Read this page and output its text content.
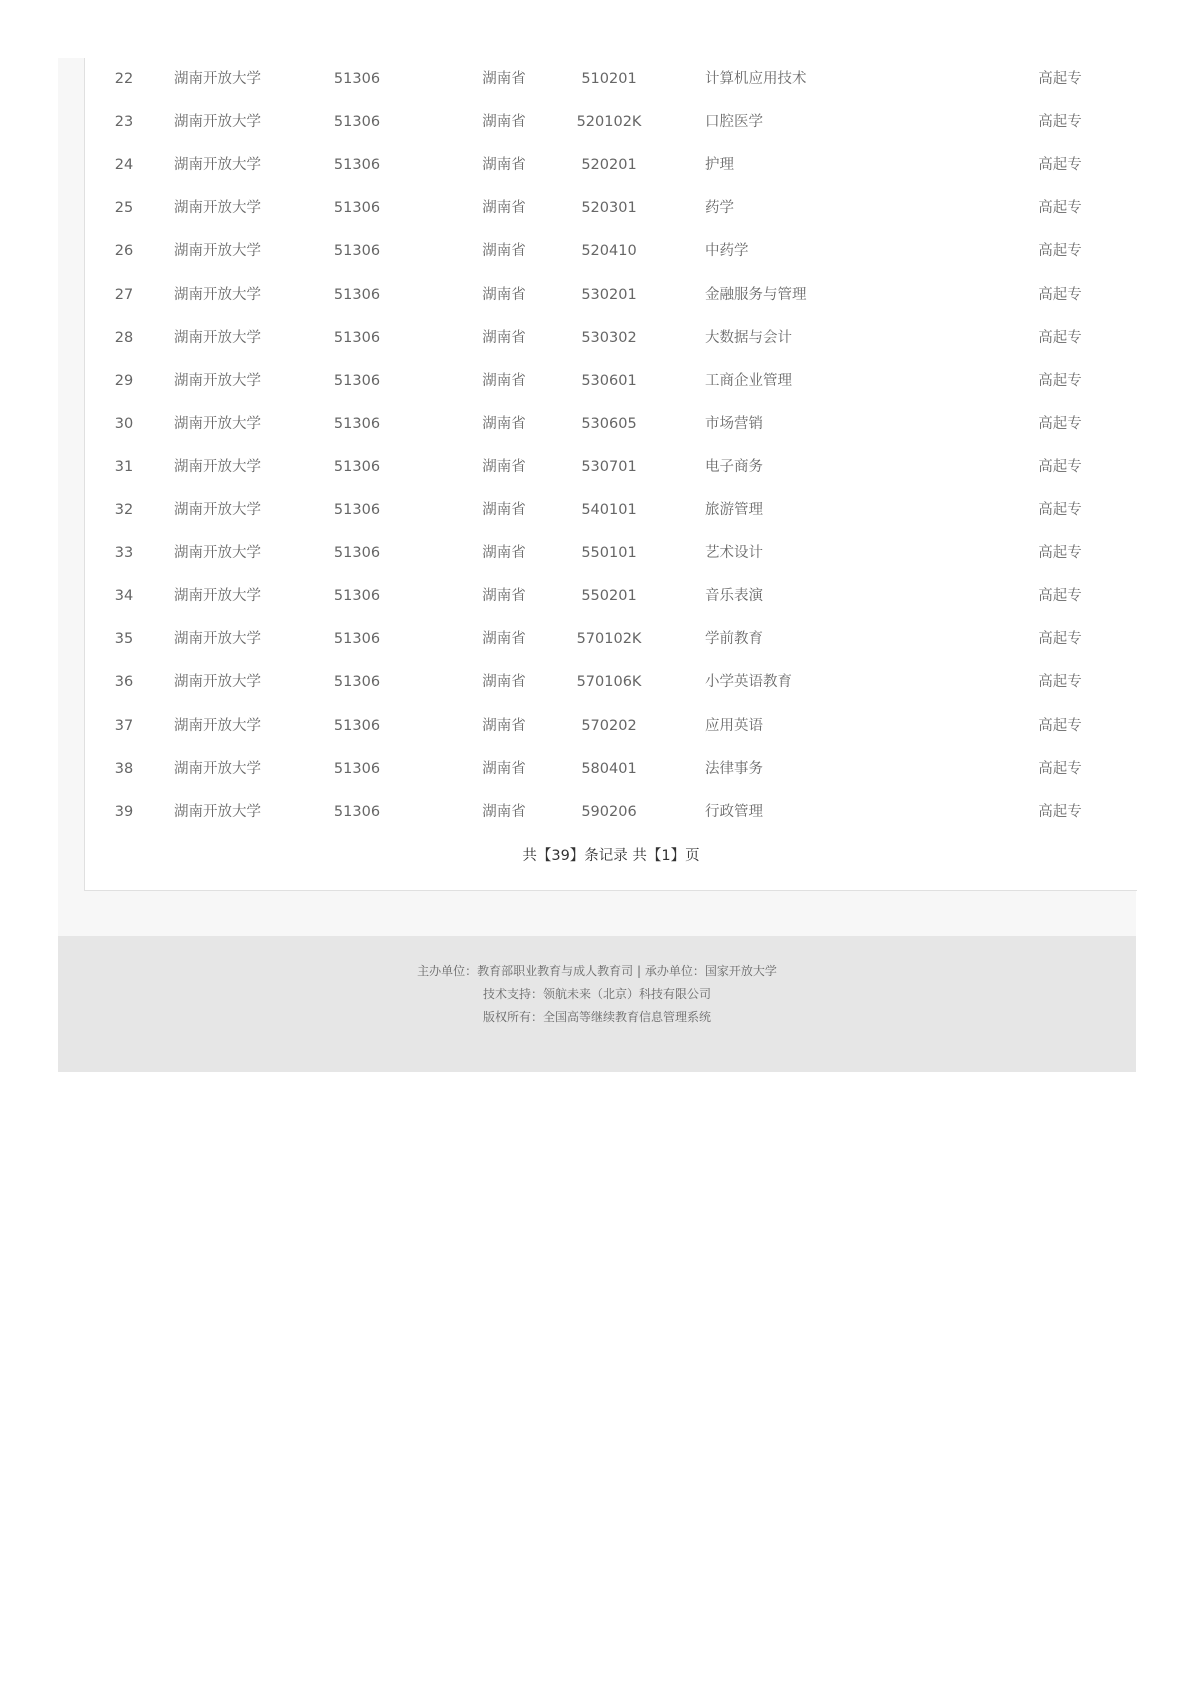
共【39】条记录 共【1】页
22	湖南开放大学	51306	湖南省	510201	计算机应用技术	高起专
23	湖南开放大学	51306	湖南省	520102K	口腔医学	高起专
24	湖南开放大学	51306	湖南省	520201	护理	高起专
25	湖南开放大学	51306	湖南省	520301	药学	高起专
26	湖南开放大学	51306	湖南省	520410	中药学	高起专
27	湖南开放大学	51306	湖南省	530201	金融服务与管理	高起专
28	湖南开放大学	51306	湖南省	530302	大数据与会计	高起专
29	湖南开放大学	51306	湖南省	530601	工商企业管理	高起专
30	湖南开放大学	51306	湖南省	530605	市场营销	高起专
31	湖南开放大学	51306	湖南省	530701	电子商务	高起专
32	湖南开放大学	51306	湖南省	540101	旅游管理	高起专
33	湖南开放大学	51306	湖南省	550101	艺术设计	高起专
34	湖南开放大学	51306	湖南省	550201	音乐表演	高起专
35	湖南开放大学	51306	湖南省	570102K	学前教育	高起专
36	湖南开放大学	51306	湖南省	570106K	小学英语教育	高起专
37	湖南开放大学	51306	湖南省	570202	应用英语	高起专
38	湖南开放大学	51306	湖南省	580401	法律事务	高起专
39	湖南开放大学	51306	湖南省	590206	行政管理	高起专
主办单位：教育部职业教育与成人教育司 | 承办单位：国家开放大学
技术支持：领航未来（北京）科技有限公司
版权所有：全国高等继续教育信息管理系统
